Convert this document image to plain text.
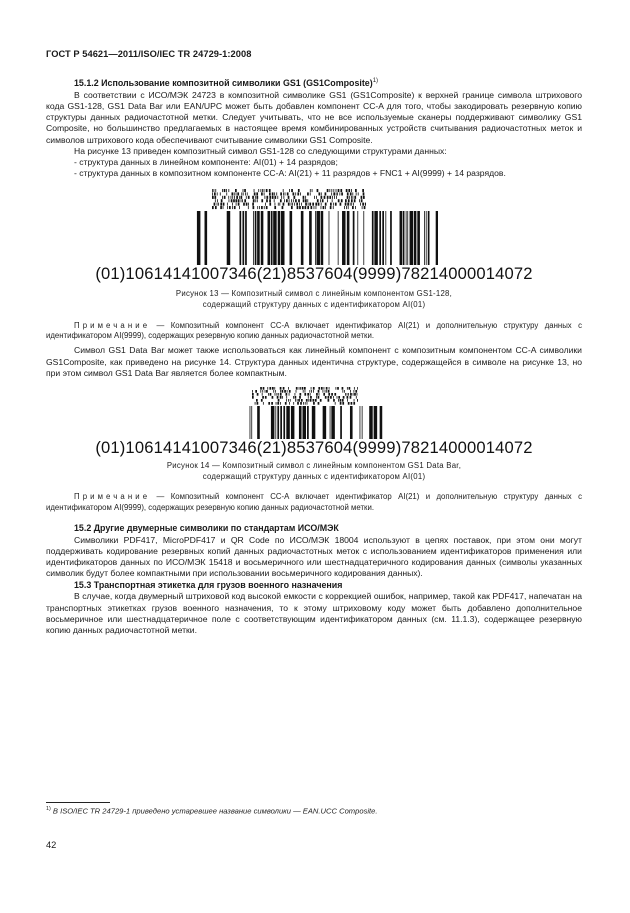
ГОСТ Р 54621—2011/ISO/IEC TR 24729-1:2008

15.1.2 Использование композитной символики GS1 (GS1Composite)$^{1)}$

В соответствии с ИСО/МЭК 24723 в композитной символике GS1 (GS1Composite) к верхней границе символа штрихового кода GS1-128, GS1 Data Bar или EAN/UPC может быть добавлен компонент CC-A для того, чтобы закодировать резервную копию структуры данных радиочастотной метки. Следует учитывать, что не все используемые сканеры поддерживают символику GS1 Composite, но большинство предлагаемых в настоящее время комбинированных устройств считывания радиочастотных меток и символов штрихового кода обеспечивают считывание символики GS1 Composite.

На рисунке 13 приведен композитный символ GS1-128 со следующими структурами данных:

- структура данных в линейном компоненте: AI(01) + 14 разрядов;

- структура данных в композитном компоненте CC-A: AI(21) + 11 разрядов + FNC1 + AI(9999) + 14 разрядов.

(01)10614141007346(21)8537604(9999)78214000014072
Рисунок 13 — Композитный символ с линейным компонентом GS1-128,
содержащий структуру данных с идентификатором AI(01)

Примечание — Композитный компонент CC-A включает идентификатор AI(21) и дополнительную структуру данных с идентификатором AI(9999), содержащих резервную копию данных радиочастотной метки.

Символ GS1 Data Bar может также использоваться как линейный компонент с композитным компонентом CC-A символики GS1Composite, как приведено на рисунке 14. Структура данных идентична структуре, содержащейся в символе на рисунке 13, но при этом символ GS1 Data Bar является более компактным.

(01)10614141007346(21)8537604(9999)78214000014072
Рисунок 14 — Композитный символ с линейным компонентом GS1 Data Bar,
содержащий структуру данных с идентификатором AI(01)

Примечание — Композитный компонент CC-A включает идентификатор AI(21) и дополнительную структуру данных с идентификатором AI(9999), содержащих резервную копию данных радиочастотной метки.

15.2 Другие двумерные символики по стандартам ИСО/МЭК

Символики PDF417, MicroPDF417 и QR Code по ИСО/МЭК 18004 используют в цепях поставок, при этом они могут поддерживать кодирование резервных копий данных радиочастотных меток с использованием идентификаторов применения или идентификаторов данных по ИСО/МЭК 15418 и восьмеричного или шестнадцатеричного кодирования данных (символы указанных символик будут более компактными при использовании восьмеричного кодирования данных).

15.3 Транспортная этикетка для грузов военного назначения

В случае, когда двумерный штриховой код высокой емкости с коррекцией ошибок, например, такой как PDF417, напечатан на транспортных этикетках грузов военного назначения, то к этому штриховому коду может быть добавлено дополнительное восьмеричное или шестнадцатеричное поле с соответствующим идентификатором данных (см. 11.1.3), содержащее резервную копию данных радиочастотной метки.

$^{1)}$ В ISO/IEC TR 24729-1 приведено устаревшее название символики — EAN.UCC Composite.
42
